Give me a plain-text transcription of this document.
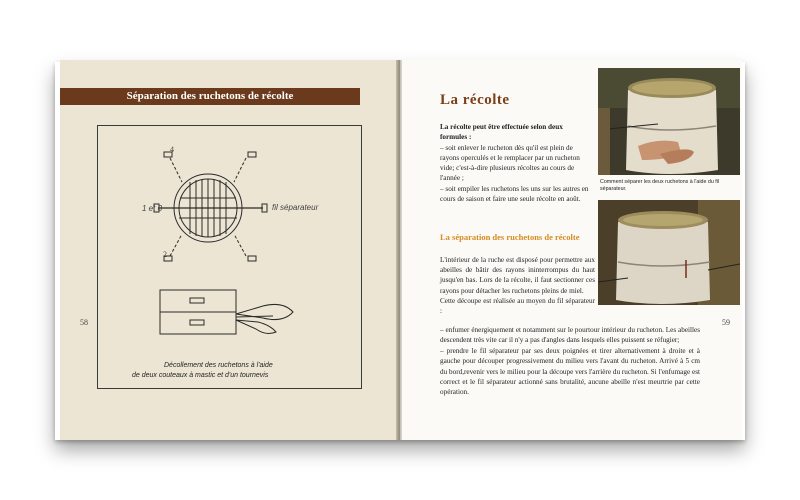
Séparation des ruchetons de récolte
4
1 et 3
2
fil séparateur
Décollement des ruchetons à l'aide
de deux couteaux à mastic et d'un tournevis
58
La récolte

La récolte peut être effectuée selon deux formules :

– soit enlever le rucheton dès qu'il est plein de rayons operculés et le remplacer par un rucheton vide; c'est-à-dire plusieurs récoltes au cours de l'année ;

– soit empiler les ruchetons les uns sur les autres en cours de saison et faire une seule récolte en août.

La séparation des ruchetons de récolte

L'intérieur de la ruche est disposé pour permettre aux abeilles de bâtir des rayons ininterrompus du haut jusqu'en bas. Lors de la récolte, il faut sectionner ces rayons pour détacher les ruchetons pleins de miel.

Cette découpe est réalisée au moyen du fil séparateur :

– enfumer énergiquement et notamment sur le pourtour intérieur du rucheton. Les abeilles descendent très vite car il n'y a pas d'angles dans lesquels elles puissent se réfugier;

– prendre le fil séparateur par ses deux poignées et tirer alternativement à droite et à gauche pour découper progressivement du milieu vers l'avant du rucheton. Arrivé à 5 cm du bord,revenir vers le milieu pour la découpe vers l'arrière du rucheton. Si l'enfumage est correct et le fil séparateur actionné sans brutalité, aucune abeille n'est meurtrie par cette opération.

Comment séparer les deux ruchetons à l'aide du fil séparateur.
59
